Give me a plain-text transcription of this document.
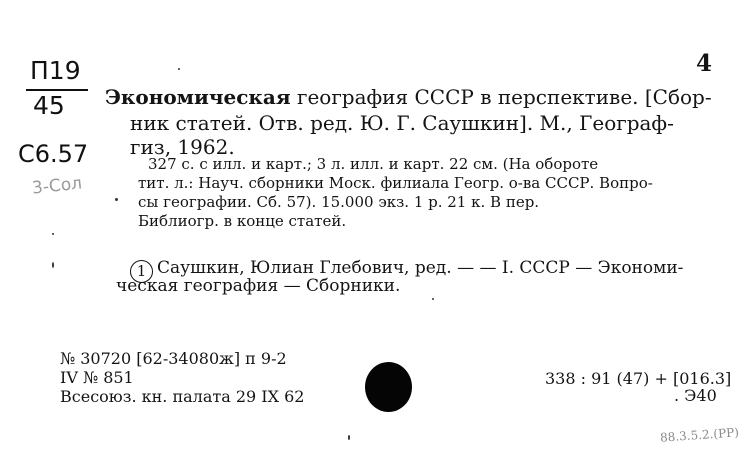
П19
45
С6.57
3-Сол
4
Экономическая география СССР в перспективе. [Сбор-
ник статей. Отв. ред. Ю. Г. Саушкин]. М., Географ-
гиз, 1962.
327 с. с илл. и карт.; 3 л. илл. и карт. 22 см. (На обороте
тит. л.: Науч. сборники Моск. филиала Геогр. о-ва СССР. Вопро-
сы географии. Сб. 57). 15.000 экз. 1 р. 21 к. В пер.
Библиогр. в конце статей.
1 Саушкин, Юлиан Глебович, ред. — — I. СССР — Экономи-
ческая география — Сборники.
№ 30720 [62-34080ж] п 9-2
IV № 851
Всесоюз. кн. палата 29 IX 62
338 : 91 (47) + [016.3]
. Э40
88.3.5.2.(РР)
